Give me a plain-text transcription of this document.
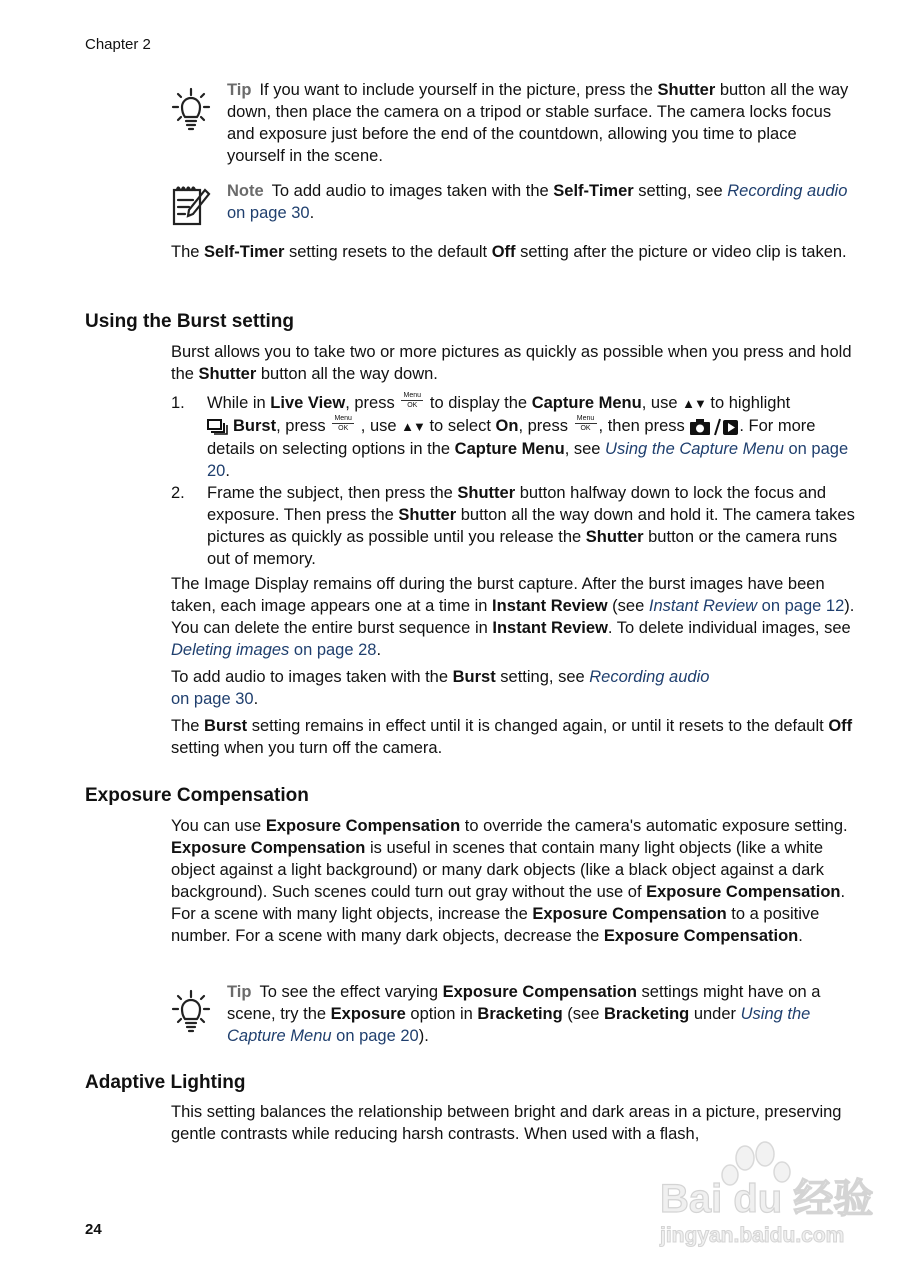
Chapter 2

Tip If you want to include yourself in the picture, press the Shutter button all the way down, then place the camera on a tripod or stable surface. The camera locks focus and exposure just before the end of the countdown, allowing you time to place yourself in the scene.

Note To add audio to images taken with the Self-Timer setting, see Recording audio on page 30.

The Self-Timer setting resets to the default Off setting after the picture or video clip is taken.

Using the Burst setting

Burst allows you to take two or more pictures as quickly as possible when you press and hold the Shutter button all the way down.

1. While in Live View, press Menu
OK to display the Capture Menu, use ▲▼ to highlight
Burst, press Menu
OK , use ▲▼ to select On, press Menu
OK , then press	. For more details on selecting options in the Capture Menu, see Using the Capture Menu on page 20.
2. Frame the subject, then press the Shutter button halfway down to lock the focus and exposure. Then press the Shutter button all the way down and hold it. The camera takes pictures as quickly as possible until you release the Shutter button or the camera runs out of memory.

The Image Display remains off during the burst capture. After the burst images have been taken, each image appears one at a time in Instant Review (see Instant Review on page 12). You can delete the entire burst sequence in Instant Review. To delete individual images, see Deleting images on page 28.

To add audio to images taken with the Burst setting, see Recording audio
on page 30.

The Burst setting remains in effect until it is changed again, or until it resets to the default Off setting when you turn off the camera.

Exposure Compensation

You can use Exposure Compensation to override the camera's automatic exposure setting. Exposure Compensation is useful in scenes that contain many light objects (like a white object against a light background) or many dark objects (like a black object against a dark background). Such scenes could turn out gray without the use of Exposure Compensation. For a scene with many light objects, increase the Exposure Compensation to a positive number. For a scene with many dark objects, decrease the Exposure Compensation.

Tip To see the effect varying Exposure Compensation settings might have on a scene, try the Exposure option in Bracketing (see Bracketing under Using the Capture Menu on page 20).

Adaptive Lighting

This setting balances the relationship between bright and dark areas in a picture, preserving gentle contrasts while reducing harsh contrasts. When used with a flash,

Bai du 经验
jingyan.baidu.com
24
